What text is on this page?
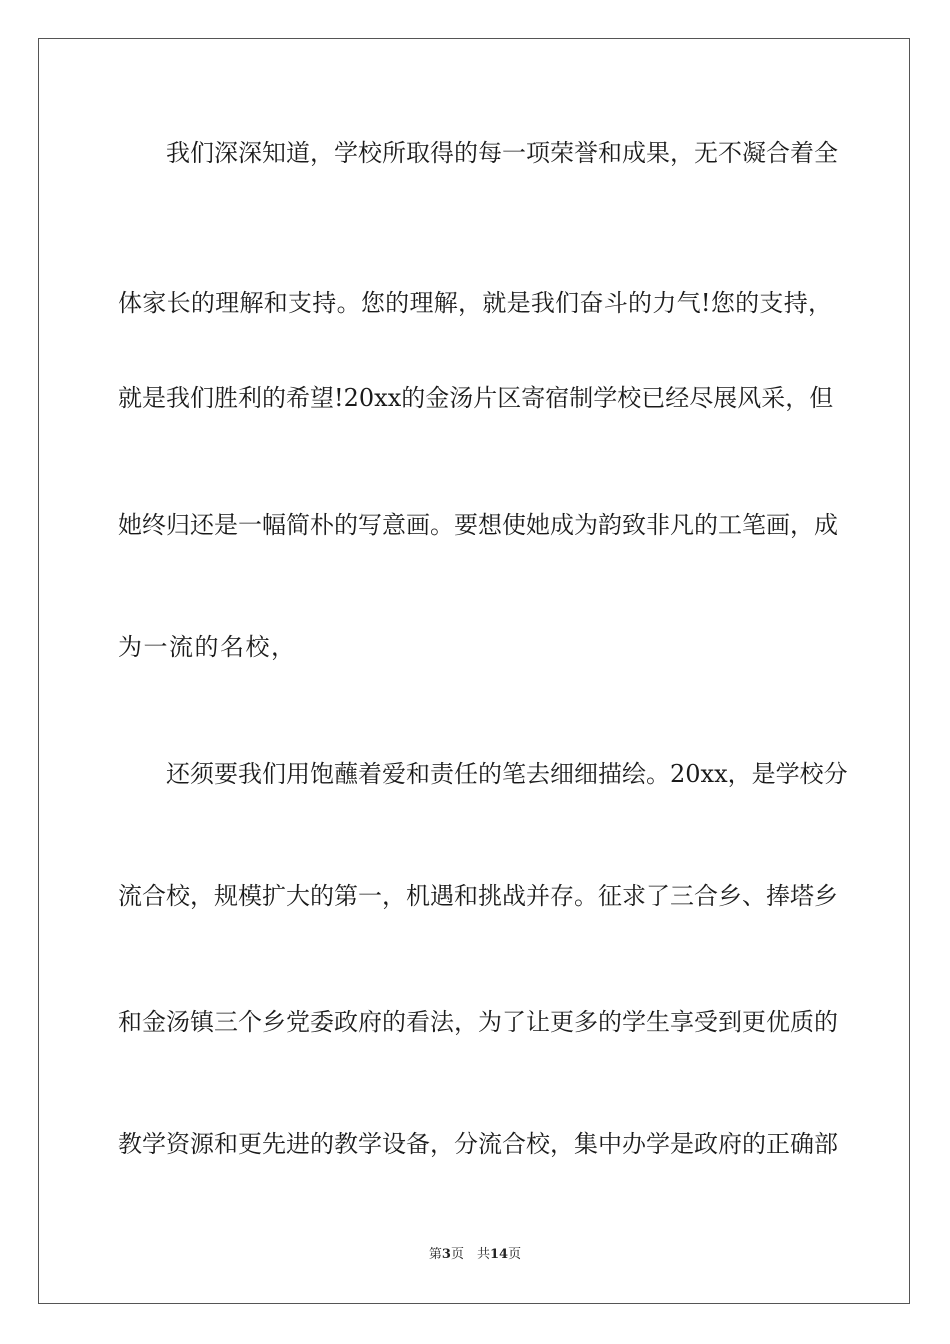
我们深深知道，学校所取得的每一项荣誉和成果，无不凝合着全
体家长的理解和支持。您的理解，就是我们奋斗的力气!您的支持，
就是我们胜利的希望!20xx的金汤片区寄宿制学校已经尽展风采，但
她终归还是一幅简朴的写意画。要想使她成为韵致非凡的工笔画，成
为一流的名校，
还须要我们用饱蘸着爱和责任的笔去细细描绘。20xx，是学校分
流合校，规模扩大的第一，机遇和挑战并存。征求了三合乡、捧塔乡
和金汤镇三个乡党委政府的看法，为了让更多的学生享受到更优质的
教学资源和更先进的教学设备，分流合校，集中办学是政府的正确部
第3页　共14页
